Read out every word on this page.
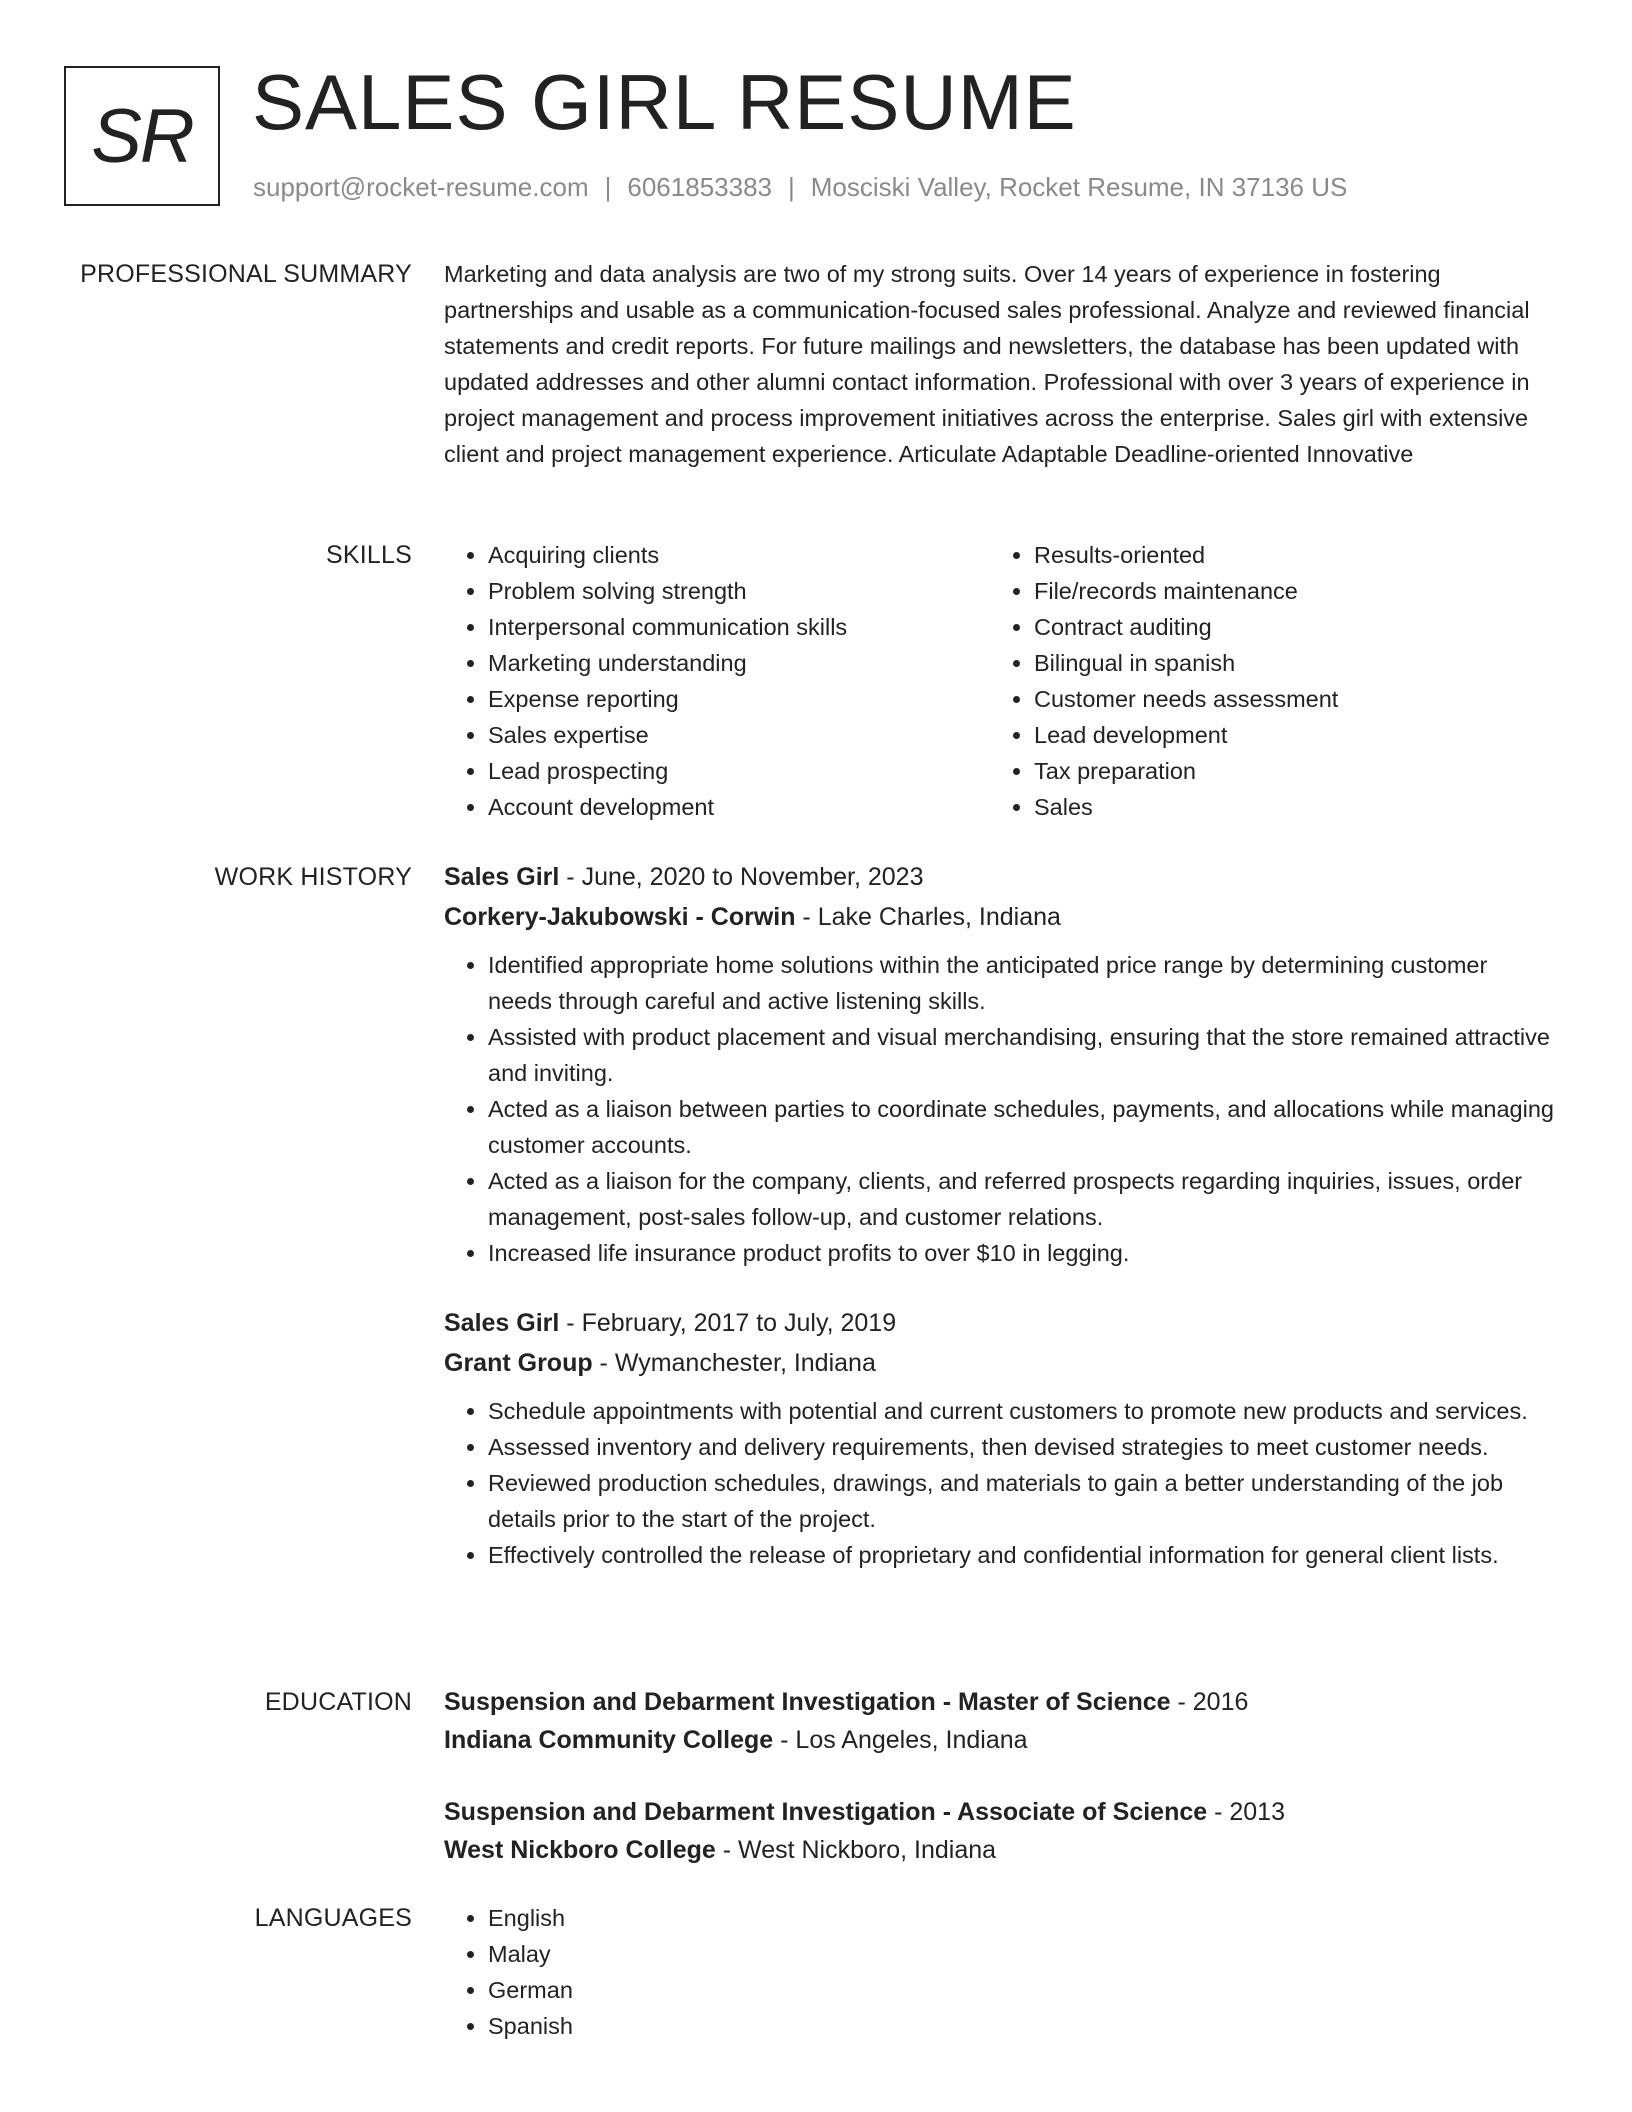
SR SALES GIRL RESUME
support@rocket-resume.com | 6061853383 | Mosciski Valley, Rocket Resume, IN 37136 US
PROFESSIONAL SUMMARY Marketing and data analysis are two of my strong suits. Over 14 years of experience in fostering partnerships and usable as a communication-focused sales professional. Analyze and reviewed financial statements and credit reports. For future mailings and newsletters, the database has been updated with updated addresses and other alumni contact information. Professional with over 3 years of experience in project management and process improvement initiatives across the enterprise. Sales girl with extensive client and project management experience. Articulate Adaptable Deadline-oriented Innovative

SKILLS	• Acquiring clients
• Problem solving strength
• Interpersonal communication skills
• Marketing understanding
• Expense reporting
• Sales expertise
• Lead prospecting
• Account development
• Results-oriented
• File/records maintenance
• Contract auditing
• Bilingual in spanish
• Customer needs assessment
• Lead development
• Tax preparation
• Sales
WORK HISTORY Sales Girl - June, 2020 to November, 2023
Corkery-Jakubowski - Corwin - Lake Charles, Indiana
• Identified appropriate home solutions within the anticipated price range by determining customer needs through careful and active listening skills.
• Assisted with product placement and visual merchandising, ensuring that the store remained attractive and inviting.
• Acted as a liaison between parties to coordinate schedules, payments, and allocations while managing customer accounts.
• Acted as a liaison for the company, clients, and referred prospects regarding inquiries, issues, order management, post-sales follow-up, and customer relations.
• Increased life insurance product profits to over $10 in legging.
Sales Girl - February, 2017 to July, 2019
Grant Group - Wymanchester, Indiana
• Schedule appointments with potential and current customers to promote new products and services.
• Assessed inventory and delivery requirements, then devised strategies to meet customer needs.
• Reviewed production schedules, drawings, and materials to gain a better understanding of the job details prior to the start of the project.
• Effectively controlled the release of proprietary and confidential information for general client lists.
EDUCATION Suspension and Debarment Investigation - Master of Science - 2016
Indiana Community College - Los Angeles, Indiana
Suspension and Debarment Investigation - Associate of Science - 2013
West Nickboro College - West Nickboro, Indiana
LANGUAGES	• English
• Malay
• German
• Spanish
